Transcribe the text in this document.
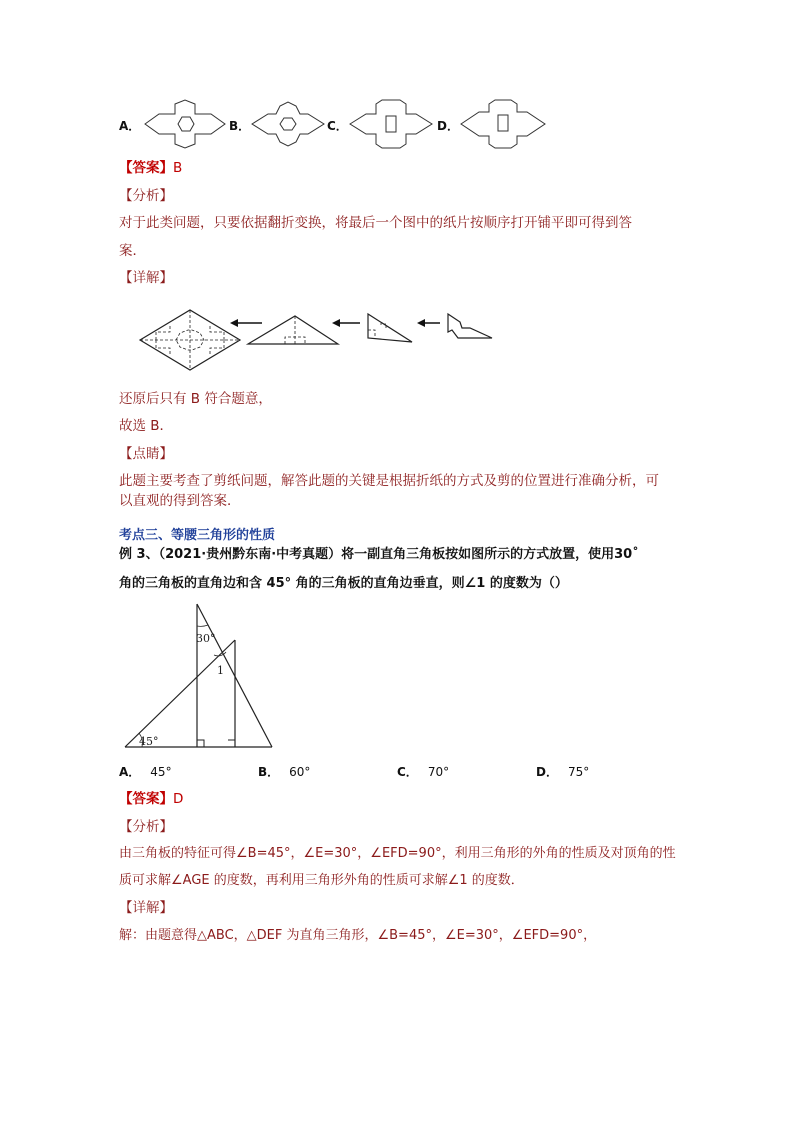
A．	B．	C．	D．
【答案】B
【分析】
对于此类问题，只要依据翻折变换，将最后一个图中的纸片按顺序打开铺平即可得到答
案．
【详解】
还原后只有 B 符合题意，
故选 B．
【点睛】
此题主要考查了剪纸问题，解答此题的关键是根据折纸的方式及剪的位置进行准确分析，可
以直观的得到答案．
考点三、等腰三角形的性质
例 3、（2021·贵州黔东南·中考真题）将一副直角三角板按如图所示的方式放置，使用30˚
角的三角板的直角边和含 45° 角的三角板的直角边垂直，则∠1 的度数为（）
30°
1
45°
A． 45°	B． 60°	C． 70°	D． 75°
【答案】D
【分析】
由三角板的特征可得∠B=45°，∠E=30°，∠EFD=90°，利用三角形的外角的性质及对顶角的性
质可求解∠AGE 的度数，再利用三角形外角的性质可求解∠1 的度数．
【详解】
解：由题意得△ABC，△DEF 为直角三角形，∠B=45°，∠E=30°，∠EFD=90°，
